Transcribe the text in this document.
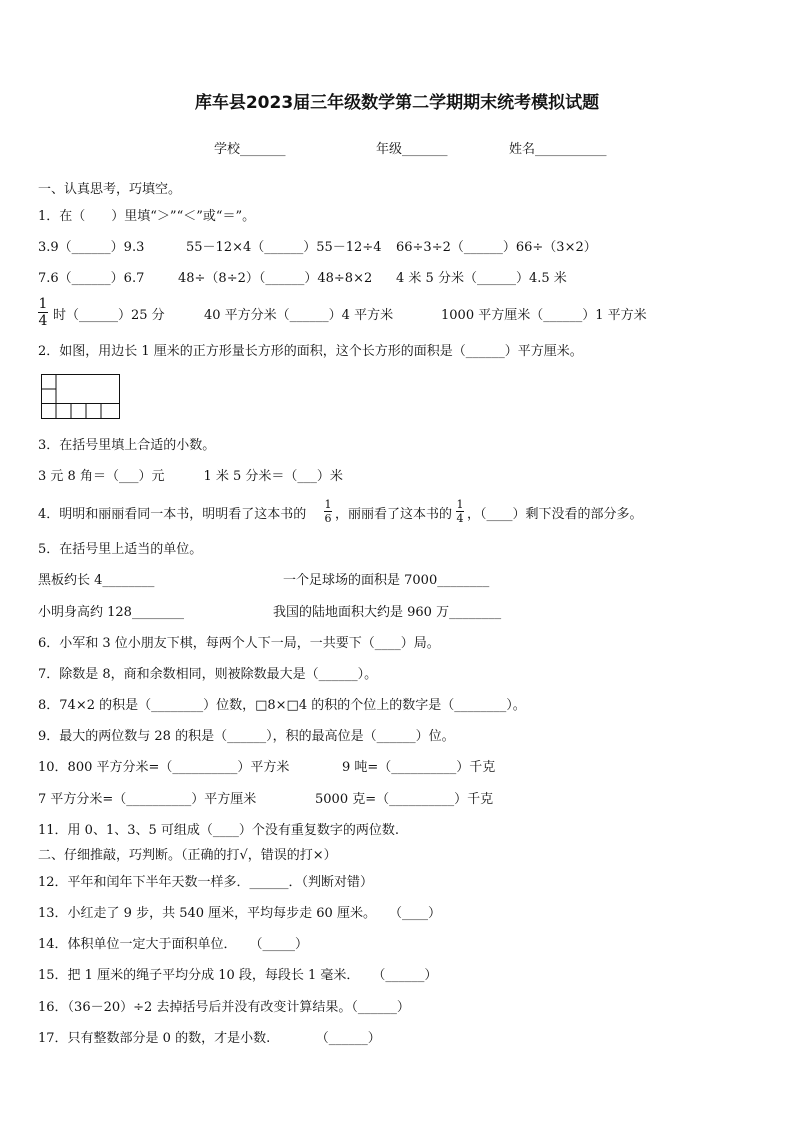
库车县2023届三年级数学第二学期期末统考模拟试题
学校_______	年级_______	姓名___________
一、认真思考，巧填空。
1．在（　　）里填“＞”“＜”或“＝”。
3.9（______）9.3	55－12×4（______）55－12÷4 66÷3÷2（______）66÷（3×2）
7.6（______）6.7	48÷（8÷2）（______）48÷8×2 4 米 5 分米（______）4.5 米
1
4 时（______）25 分	40 平方分米（______）4 平方米	1000 平方厘米（______）1 平方米
2．如图，用边长 1 厘米的正方形量长方形的面积，这个长方形的面积是（______）平方厘米。
3．在括号里填上合适的小数。
3 元 8 角＝（___）元　　　1 米 5 分米＝（___）米
4．明明和丽丽看同一本书，明明看了这本书的
1
6 ，丽丽看了这本书的
1
4 ，（____）剩下没看的部分多。
5．在括号里上适当的单位。
黑板约长 4________	一个足球场的面积是 7000________
小明身高约 128________	我国的陆地面积大约是 960 万________
6．小军和 3 位小朋友下棋，每两个人下一局，一共要下（____）局。
7．除数是 8，商和余数相同，则被除数最大是（______）。
8．74×2 的积是（________）位数，□8×□4 的积的个位上的数字是（________）。
9．最大的两位数与 28 的积是（______），积的最高位是（______）位。
10．800 平方分米=（__________）平方米	9 吨=（__________）千克
7 平方分米=（__________）平方厘米	5000 克=（__________）千克
11．用 0、1、3、5 可组成（____）个没有重复数字的两位数.
二、仔细推敲，巧判断。（正确的打√，错误的打×）
12．平年和闰年下半年天数一样多．______．（判断对错）
13．小红走了 9 步，共 540 厘米，平均每步走 60 厘米。　　（____）
14．体积单位一定大于面积单位．　　（_____）
15．把 1 厘米的绳子平均分成 10 段，每段长 1 毫米．　　（______）
16．（36－20）÷2 去掉括号后并没有改变计算结果。（______）
17．只有整数部分是 0 的数，才是小数.　　　　（______）
